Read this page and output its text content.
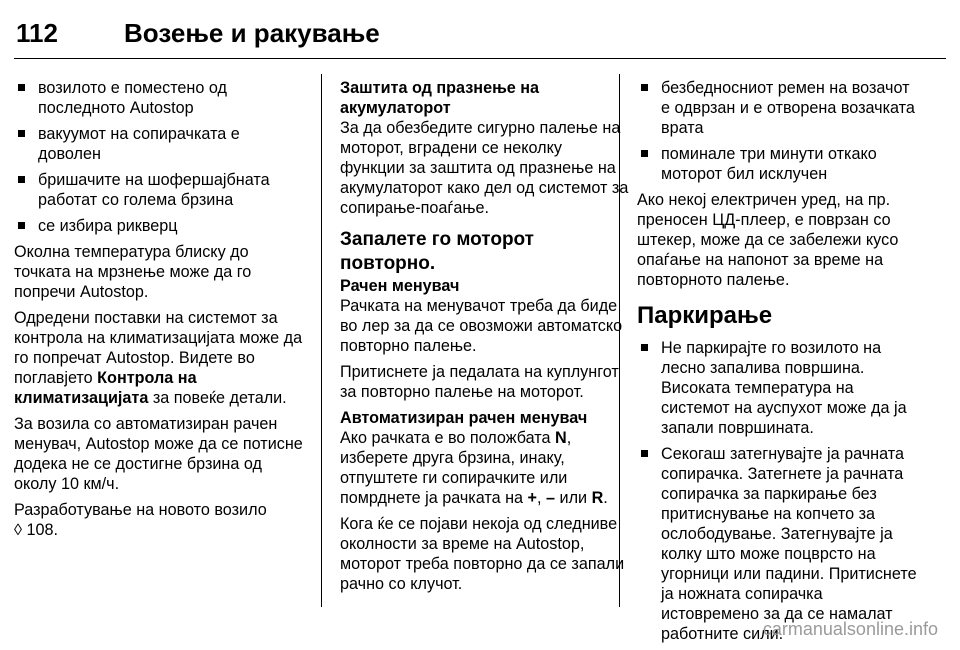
112	Возење и ракување
возилото е поместено од последното Autostop
вакуумот на сопирачката е доволен
бришачите на шофершајбната работат со голема брзина
се избира рикверц

Околна температура блиску до точката на мрзнење може да го попречи Autostop.

Одредени поставки на системот за контрола на климатизацијата може да го попречат Autostop. Видете во поглавјето Контрола на климатизацијата за повеќе детали.

За возила со автоматизиран рачен менувач, Autostop може да се потисне додека не се достигне брзина од околу 10 км/ч.

Разработување на новото возило
◊ 108.

Заштита од празнење на акумулаторот

За да обезбедите сигурно палење на моторот, вградени се неколку функции за заштита од празнење на акумулаторот како дел од системот за сопирање-поаѓање.

Запалете го моторот повторно.
Рачен менувач

Рачката на менувачот треба да биде во лер за да се овозможи автоматско повторно палење.

Притиснете ја педалата на куплунгот за повторно палење на моторот.

Автоматизиран рачен менувач

Ако рачката е во положбата N, изберете друга брзина, инаку, отпуштете ги сопирачките или помрднете ја рачката на +, – или R.

Кога ќе се појави некоја од следниве околности за време на Autostop, моторот треба повторно да се запали рачно со клучот.

безбедносниот ремен на возачот е одврзан и е отворена возачката врата
поминале три минути откако моторот бил исклучен

Ако некој електричен уред, на пр. преносен ЦД-плеер, е поврзан со штекер, може да се забележи кусо опаѓање на напонот за време на повторното палење.

Паркирање
Не паркирајте го возилото на лесно запалива површина. Високата температура на системот на ауспухот може да ја запали површината.
Секогаш затегнувајте ја рачната сопирачка. Затегнете ја рачната сопирачка за паркирање без притиснување на копчето за ослободување. Затегнувајте ја колку што може поцврсто на угорници или падини. Притиснете ја ножната сопирачка истовремено за да се намалат работните сили.
carmanualsonline.info
